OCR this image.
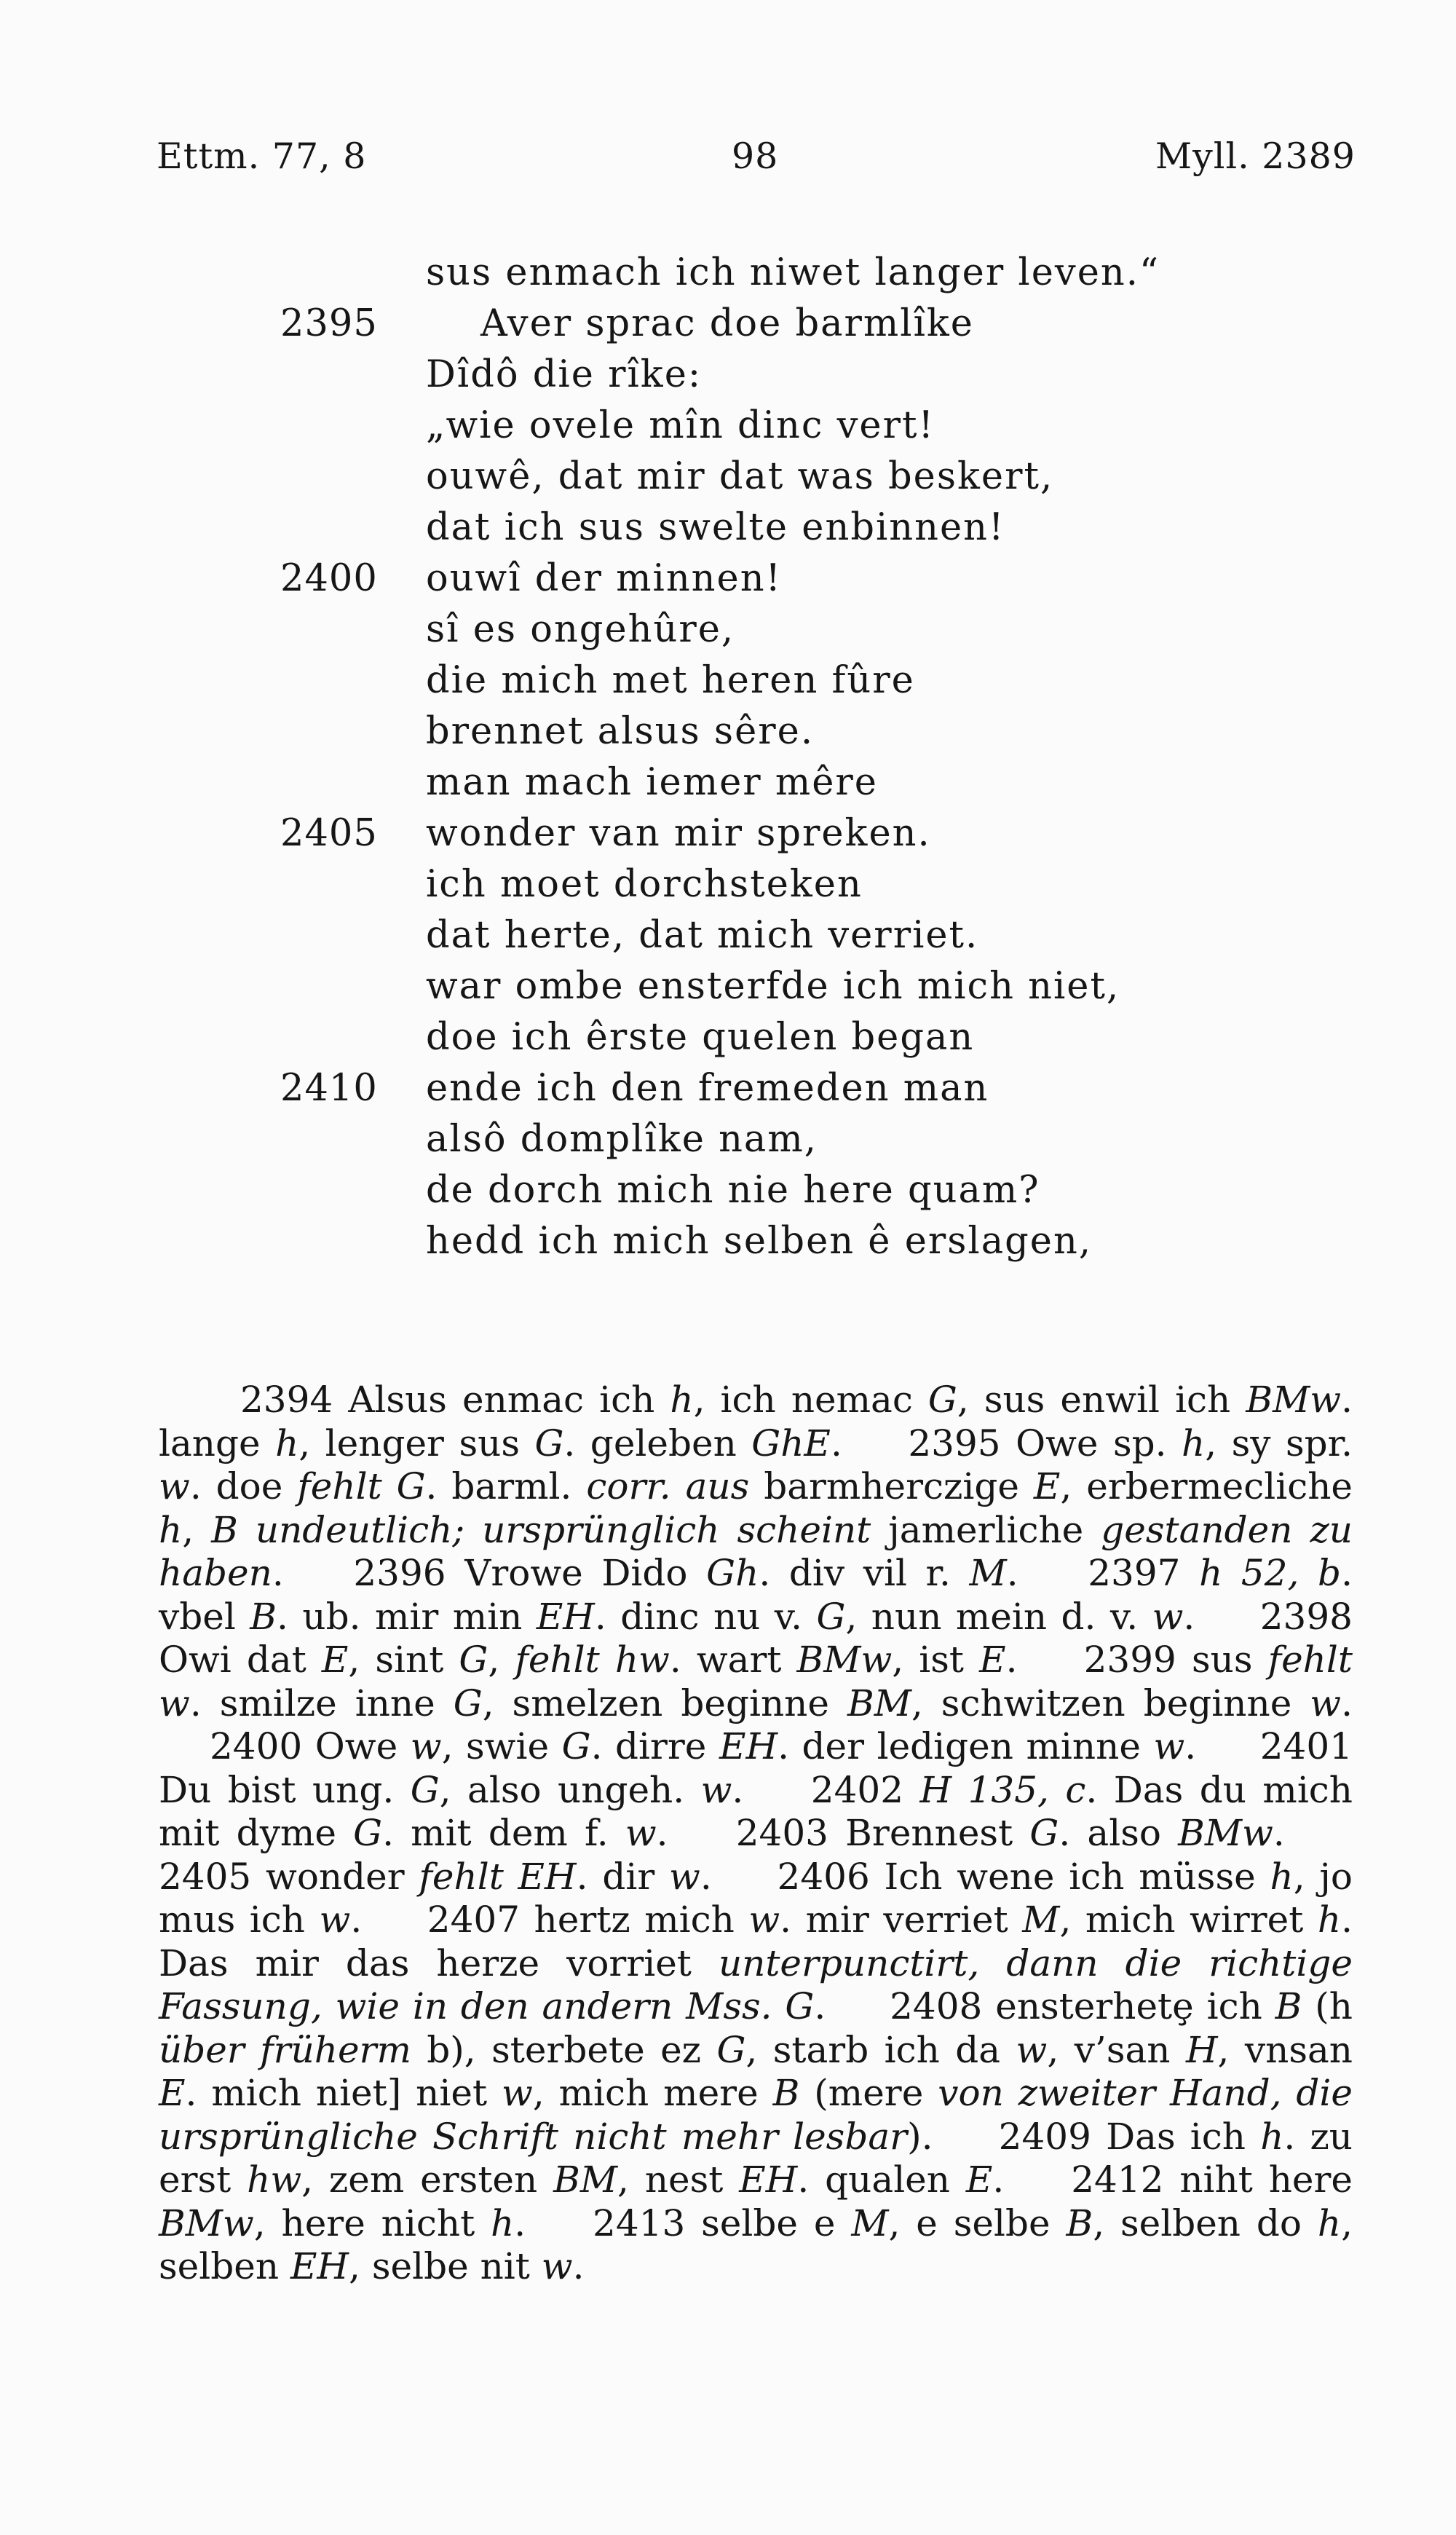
Ettm. 77, 8	98	Myll. 2389
sus enmach ich niwet langer leven.“
2395	Aver sprac doe barmlîke
Dîdô die rîke:
„wie ovele mîn dinc vert!
ouwê, dat mir dat was beskert,
dat ich sus swelte enbinnen!
2400 ouwî der minnen!
sî es ongehûre,
die mich met heren fûre
brennet alsus sêre.
man mach iemer mêre
2405 wonder van mir spreken.
ich moet dorchsteken
dat herte, dat mich verriet.
war ombe ensterfde ich mich niet,
doe ich êrste quelen began
2410 ende ich den fremeden man
alsô domplîke nam,
de dorch mich nie here quam?
hedd ich mich selben ê erslagen,
2394 Alsus enmac ich h, ich nemac G, sus enwil ich BMw. lange h, lenger sus G. geleben GhE. 2395 Owe sp. h, sy spr. w. doe fehlt G. barml. corr. aus barmherczige E, erbermecliche h, B undeutlich; ursprünglich scheint jamerliche gestanden zu haben. 2396 Vrowe Dido Gh. div vil r. M. 2397 h 52, b. vbel B. ub. mir min EH. dinc nu v. G, nun mein d. v. w. 2398 Owi dat E, sint G, fehlt hw. wart BMw, ist E. 2399 sus fehlt w. smilze inne G, smelzen beginne BM, schwitzen beginne w. 2400 Owe w, swie G. dirre EH. der ledigen minne w. 2401 Du bist ung. G, also ungeh. w. 2402 H 135, c. Das du mich mit dyme G. mit dem f. w. 2403 Brennest G. also BMw. 2405 wonder fehlt EH. dir w. 2406 Ich wene ich müsse h, jo mus ich w. 2407 hertz mich w. mir verriet M, mich wirret h. Das mir das herze vorriet unterpunctirt, dann die richtige Fassung, wie in den andern Mss. G. 2408 ensterhetȩ ich B (h über früherm b), sterbete ez G, starb ich da w, v’san H, vnsan E. mich niet] niet w, mich mere B (mere von zweiter Hand, die ursprüngliche Schrift nicht mehr lesbar). 2409 Das ich h. zu erst hw, zem ersten BM, nest EH. qualen E. 2412 niht here BMw, here nicht h. 2413 selbe e M, e selbe B, selben do h, selben EH, selbe nit w.
